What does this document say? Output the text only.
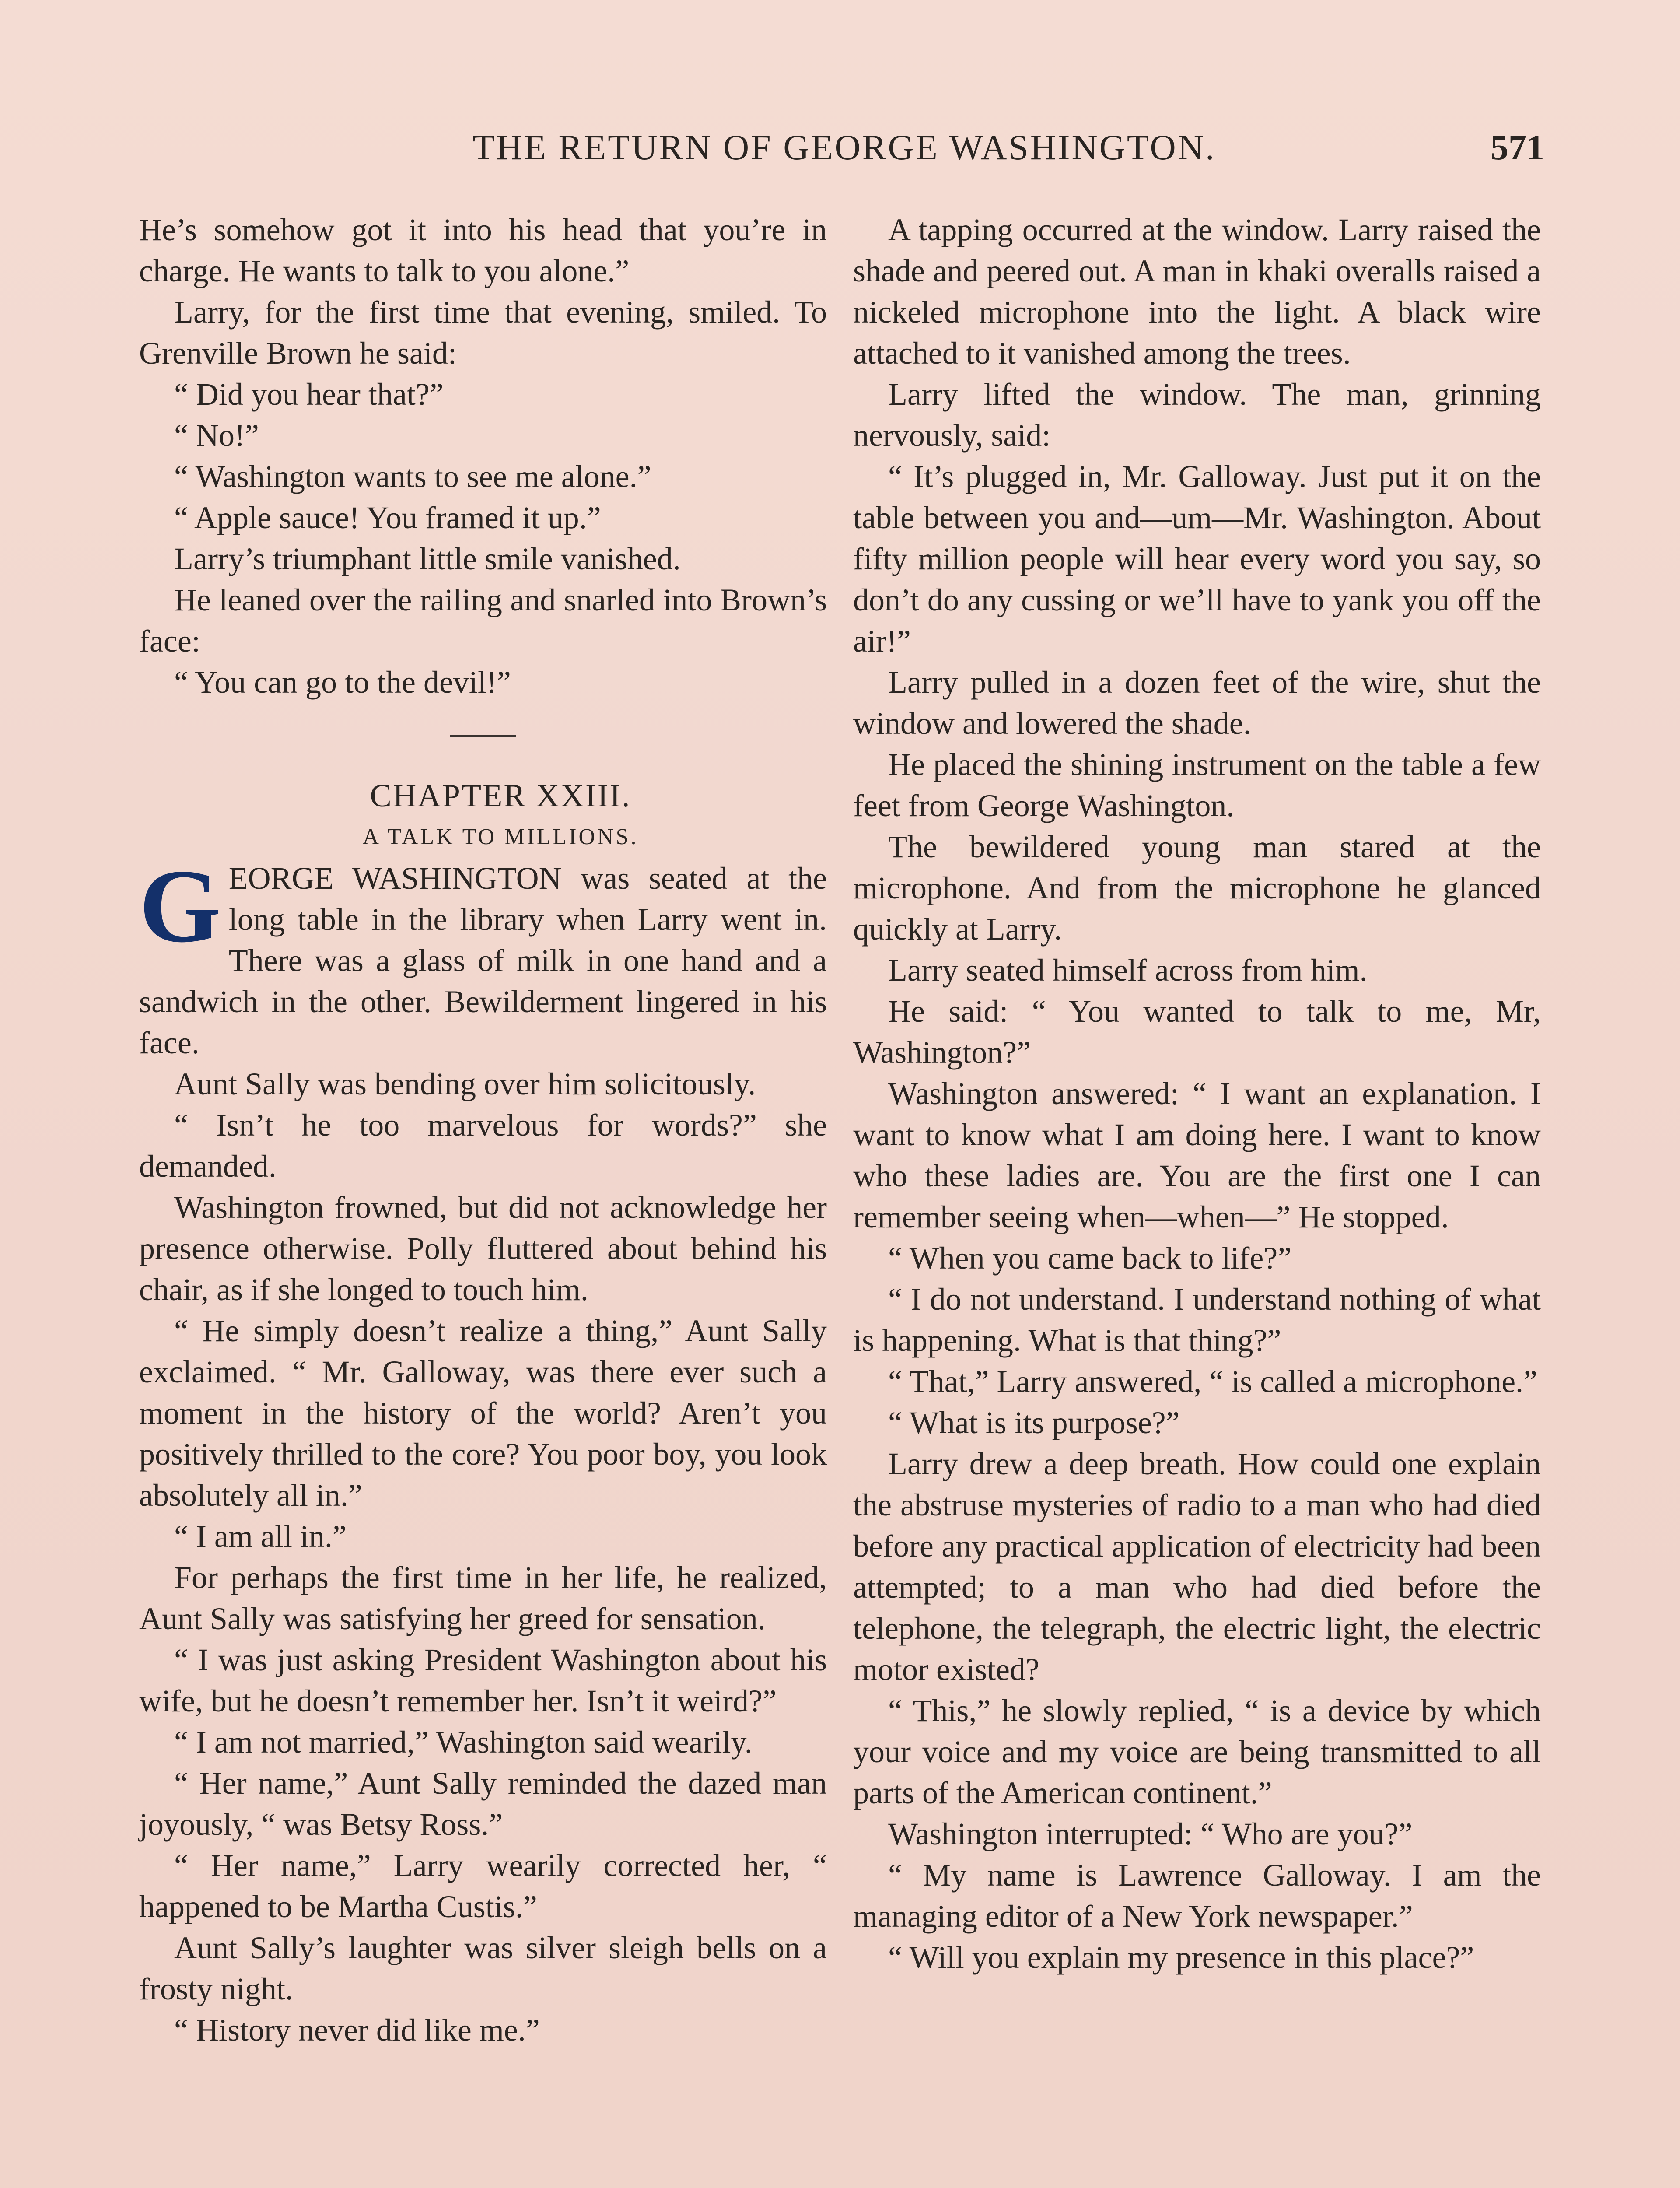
THE RETURN OF GEORGE WASHINGTON.	571

He’s somehow got it into his head that you’re in charge. He wants to talk to you alone.”

Larry, for the first time that evening, smiled. To Grenville Brown he said:

“ Did you hear that?”

“ No!”

“ Washington wants to see me alone.”

“ Apple sauce! You framed it up.”

Larry’s triumphant little smile vanished.

He leaned over the railing and snarled into Brown’s face:

“ You can go to the devil!”

CHAPTER XXIII.

A TALK TO MILLIONS.

GEORGE WASHINGTON was seated at the long table in the library when Larry went in. There was a glass of milk in one hand and a sandwich in the other. Bewilderment lingered in his face.

Aunt Sally was bending over him solicitously.

“ Isn’t he too marvelous for words?” she demanded.

Washington frowned, but did not acknowledge her presence otherwise. Polly fluttered about behind his chair, as if she longed to touch him.

“ He simply doesn’t realize a thing,” Aunt Sally exclaimed. “ Mr. Galloway, was there ever such a moment in the history of the world? Aren’t you positively thrilled to the core? You poor boy, you look absolutely all in.”

“ I am all in.”

For perhaps the first time in her life, he realized, Aunt Sally was satisfying her greed for sensation.

“ I was just asking President Washington about his wife, but he doesn’t remember her. Isn’t it weird?”

“ I am not married,” Washington said wearily.

“ Her name,” Aunt Sally reminded the dazed man joyously, “ was Betsy Ross.”

“ Her name,” Larry wearily corrected her, “ happened to be Martha Custis.”

Aunt Sally’s laughter was silver sleigh bells on a frosty night.

“ History never did like me.”

A tapping occurred at the window. Larry raised the shade and peered out. A man in khaki overalls raised a nickeled microphone into the light. A black wire attached to it vanished among the trees.

Larry lifted the window. The man, grinning nervously, said:

“ It’s plugged in, Mr. Galloway. Just put it on the table between you and—um—Mr. Washington. About fifty million people will hear every word you say, so don’t do any cussing or we’ll have to yank you off the air!”

Larry pulled in a dozen feet of the wire, shut the window and lowered the shade.

He placed the shining instrument on the table a few feet from George Washington.

The bewildered young man stared at the microphone. And from the microphone he glanced quickly at Larry.

Larry seated himself across from him.

He said: “ You wanted to talk to me, Mr, Washington?”

Washington answered: “ I want an explanation. I want to know what I am doing here. I want to know who these ladies are. You are the first one I can remember seeing when—when—” He stopped.

“ When you came back to life?”

“ I do not understand. I understand nothing of what is happening. What is that thing?”

“ That,” Larry answered, “ is called a microphone.”

“ What is its purpose?”

Larry drew a deep breath. How could one explain the abstruse mysteries of radio to a man who had died before any practical application of electricity had been attempted; to a man who had died before the telephone, the telegraph, the electric light, the electric motor existed?

“ This,” he slowly replied, “ is a device by which your voice and my voice are being transmitted to all parts of the American continent.”

Washington interrupted: “ Who are you?”

“ My name is Lawrence Galloway. I am the managing editor of a New York newspaper.”

“ Will you explain my presence in this place?”
